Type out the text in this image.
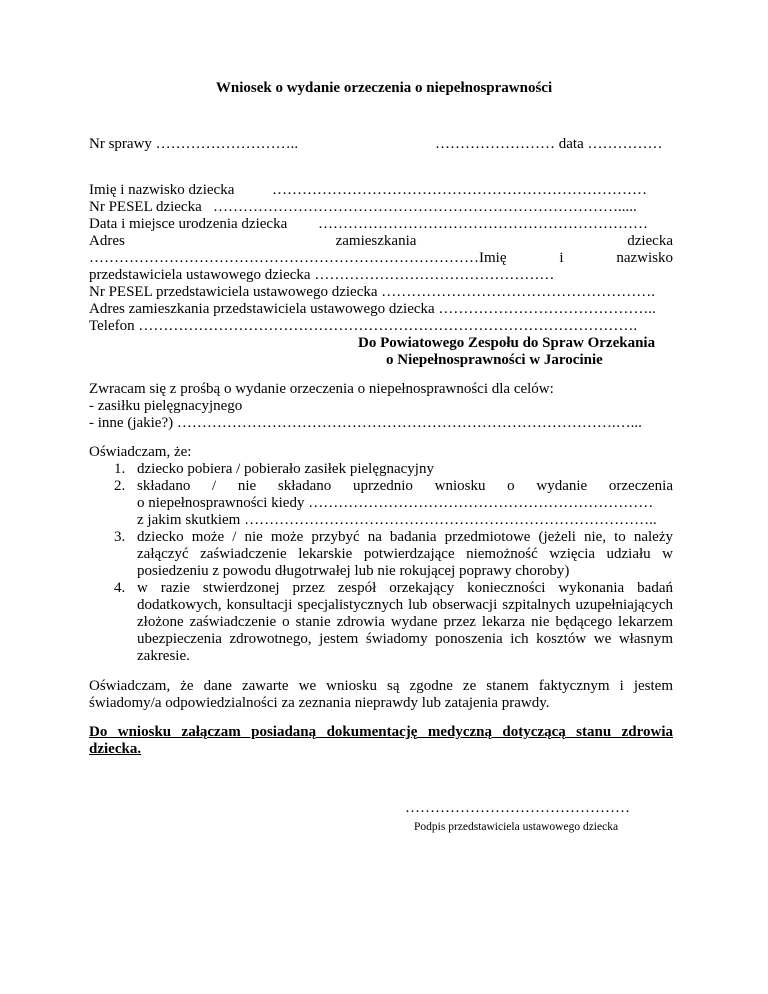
Wniosek o wydanie orzeczenia o niepełnosprawności
Nr sprawy ………………………..	…………………… data ……………
Imię i nazwisko dziecka	…………………………………………………………………
Nr PESEL dziecka   ……………………………………………………………………….....
Data i miejsce urodzenia dziecka …………………………………………………………
Adres	zamieszkania	dziecka
……………………………………………………………………Imię	i	nazwisko
przedstawiciela ustawowego dziecka …………………………………………
Nr PESEL przedstawiciela ustawowego dziecka ……………………………………………….
Adres zamieszkania przedstawiciela ustawowego dziecka ……………………………………..
Telefon ……………………………………………………………………………………….
Do Powiatowego Zespołu do Spraw Orzekania
o Niepełnosprawności w Jarocinie
Zwracam się z prośbą o wydanie orzeczenia o niepełnosprawności dla celów:
- zasiłku pielęgnacyjnego
- inne (jakie?) …………………………………………………………………………….…...
Oświadczam, że:
1. dziecko pobiera / pobierało zasiłek pielęgnacyjny
2. składano / nie składano uprzednio wniosku o wydanie orzeczenia
o niepełnosprawności kiedy ……………………………………………………………
z jakim skutkiem ………………………………………………………………………..
3. dziecko może / nie może przybyć na badania przedmiotowe (jeżeli nie, to należy załączyć zaświadczenie lekarskie potwierdzające niemożność wzięcia udziału w posiedzeniu z powodu długotrwałej lub nie rokującej poprawy choroby)
4. w razie stwierdzonej przez zespół orzekający konieczności wykonania badań dodatkowych, konsultacji specjalistycznych lub obserwacji szpitalnych uzupełniających złożone zaświadczenie o stanie zdrowia wydane przez lekarza nie będącego lekarzem ubezpieczenia zdrowotnego, jestem świadomy ponoszenia ich kosztów we własnym zakresie.
Oświadczam, że dane zawarte we wniosku są zgodne ze stanem faktycznym i jestem świadomy/a odpowiedzialności za zeznania nieprawdy lub zatajenia prawdy.
Do wniosku załączam posiadaną dokumentację medyczną dotyczącą stanu zdrowia dziecka.
………………………………………
Podpis przedstawiciela ustawowego dziecka
